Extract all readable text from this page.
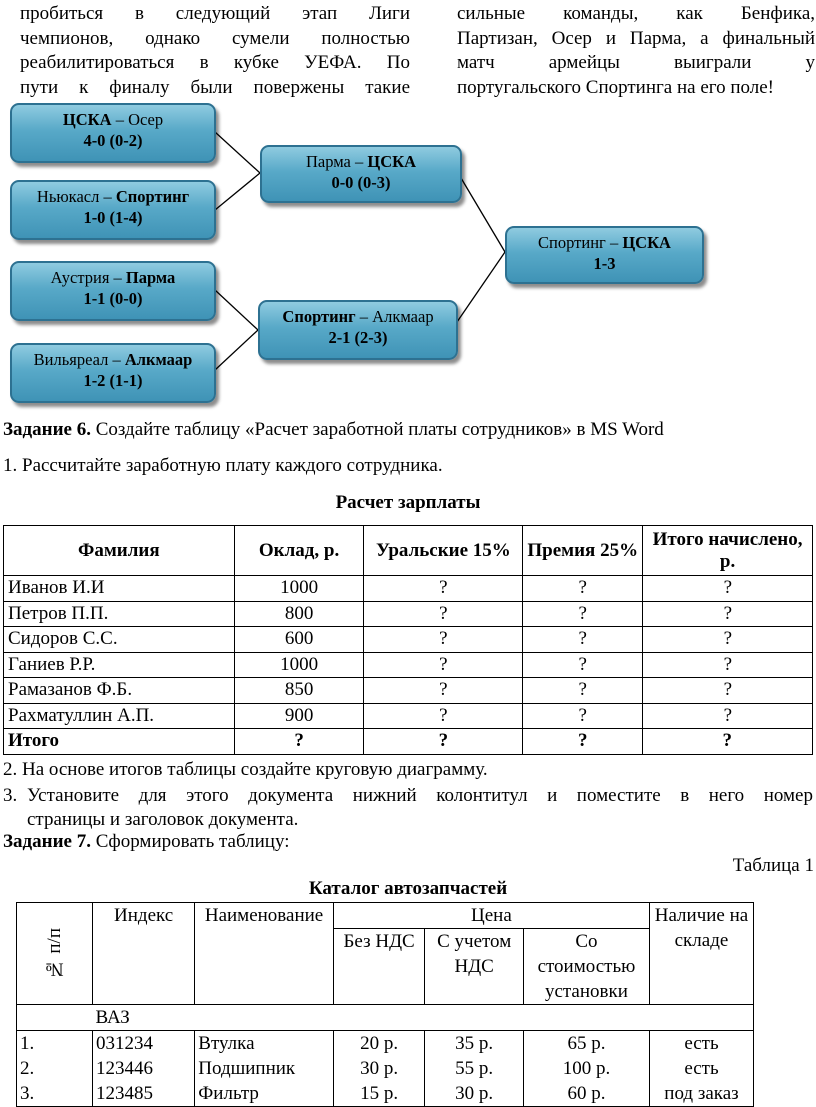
пробиться в следующий этап Лиги
чемпионов, однако сумели полностью
реабилитироваться в кубке УЕФА. По
пути к финалу были повержены такие
сильные команды, как Бенфика,
Партизан, Осер и Парма, а финальный
матч армейцы выиграли у
португальского Спортинга на его поле!
ЦСКА – Осер
4-0 (0-2)
Ньюкасл – Спортинг
1-0 (1-4)
Аустрия – Парма
1-1 (0-0)
Вильяреал – Алкмаар
1-2 (1-1)
Парма – ЦСКА
0-0 (0-3)
Спортинг – Алкмаар
2-1 (2-3)
Спортинг – ЦСКА
1-3
Задание 6. Создайте таблицу «Расчет заработной платы сотрудников» в MS Word
1. Рассчитайте заработную плату каждого сотрудника.
Расчет зарплаты
Фамилия	Оклад, р.	Уральские 15%	Премия 25%	Итого начислено, р.
Иванов И.И	1000	?	?	?
Петров П.П.	800	?	?	?
Сидоров С.С.	600	?	?	?
Ганиев Р.Р.	1000	?	?	?
Рамазанов Ф.Б.	850	?	?	?
Рахматуллин А.П.	900	?	?	?
Итого	?	?	?	?
2. На основе итогов таблицы создайте круговую диаграмму.
3. Установите для этого документа нижний колонтитул и поместите в него номер
страницы и заголовок документа.
Задание 7. Сформировать таблицу:
Таблица 1
Каталог автозапчастей
№ п/п	Индекс	Наименование	Цена			Наличие на складе
			Без НДС	С учетом НДС	Со стоимостью установки	
	ВАЗ					
1.	031234	Втулка	20 р.	35 р.	65 р.	есть
2.	123446	Подшипник	30 р.	55 р.	100 р.	есть
3.	123485	Фильтр	15 р.	30 р.	60 р.	под заказ
